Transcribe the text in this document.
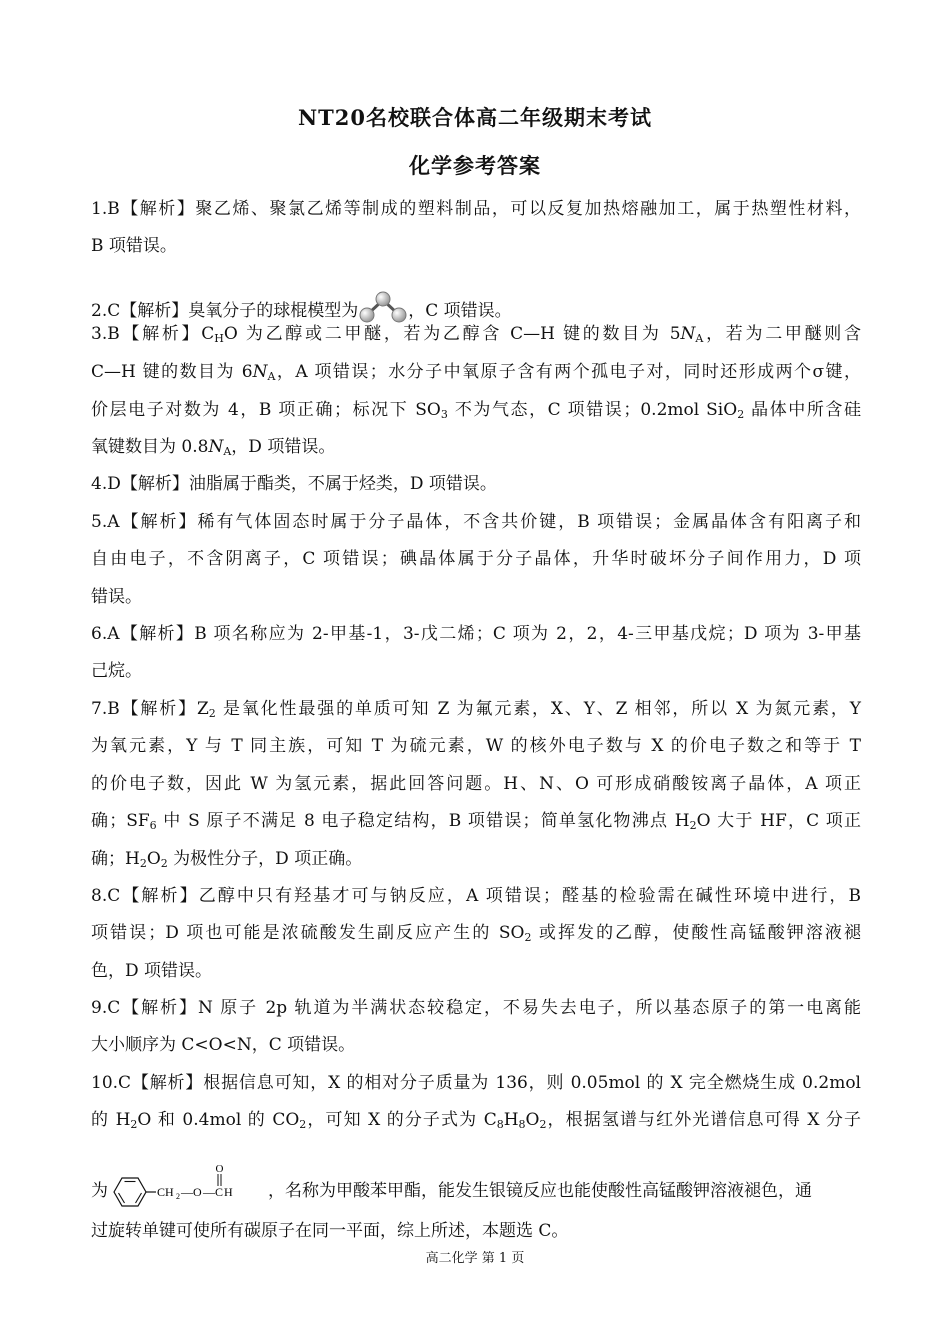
NT20名校联合体高二年级期末考试
化学参考答案
1.B【解析】聚乙烯、聚氯乙烯等制成的塑料制品，可以反复加热熔融加工，属于热塑性材料，
B 项错误。
2.C【解析】臭氧分子的球棍模型为	，C 项错误。
3.B【解析】$C_HO$ 为乙醇或二甲醚，若为乙醇含 C—H 键的数目为 $5N_A$，若为二甲醚则含
C—H 键的数目为 $6N_A$，A 项错误；水分子中氧原子含有两个孤电子对，同时还形成两个σ键，
价层电子对数为 4，B 项正确；标况下 $SO_3$ 不为气态，C 项错误；0.2mol SiO$_2$ 晶体中所含硅
氧键数目为 $0.8N_A$，D 项错误。
4.D【解析】油脂属于酯类，不属于烃类，D 项错误。
5.A【解析】稀有气体固态时属于分子晶体，不含共价键，B 项错误；金属晶体含有阳离子和
自由电子，不含阴离子，C 项错误；碘晶体属于分子晶体，升华时破坏分子间作用力，D 项
错误。
6.A【解析】B 项名称应为 2-甲基-1，3-戊二烯；C 项为 2，2，4-三甲基戊烷；D 项为 3-甲基
己烷。
7.B【解析】$Z_2$ 是氧化性最强的单质可知 Z 为氟元素，X、Y、Z 相邻，所以 X 为氮元素，Y
为氧元素，Y 与 T 同主族，可知 T 为硫元素，W 的核外电子数与 X 的价电子数之和等于 T
的价电子数，因此 W 为氢元素，据此回答问题。H、N、O 可形成硝酸铵离子晶体，A 项正
确；$SF_6$ 中 S 原子不满足 8 电子稳定结构，B 项错误；简单氢化物沸点 $H_2O$ 大于 HF，C 项正
确；$H_2O_2$ 为极性分子，D 项正确。
8.C【解析】乙醇中只有羟基才可与钠反应，A 项错误；醛基的检验需在碱性环境中进行，B
项错误；D 项也可能是浓硫酸发生副反应产生的 $SO_2$ 或挥发的乙醇，使酸性高锰酸钾溶液褪
色，D 项错误。
9.C【解析】N 原子 2p 轨道为半满状态较稳定，不易失去电子，所以基态原子的第一电离能
大小顺序为 C<O<N，C 项错误。
10.C【解析】根据信息可知，X 的相对分子质量为 136，则 0.05mol 的 X 完全燃烧生成 0.2mol
的 $H_2O$ 和 0.4mol 的 $CO_2$，可知 X 的分子式为 $C_8H_8O_2$，根据氢谱与红外光谱信息可得 X 分子
为	CH 2 — O — C H
O
，名称为甲酸苯甲酯，能发生银镜反应也能使酸性高锰酸钾溶液褪色，通
过旋转单键可使所有碳原子在同一平面，综上所述，本题选 C。
高二化学 第 1 页
